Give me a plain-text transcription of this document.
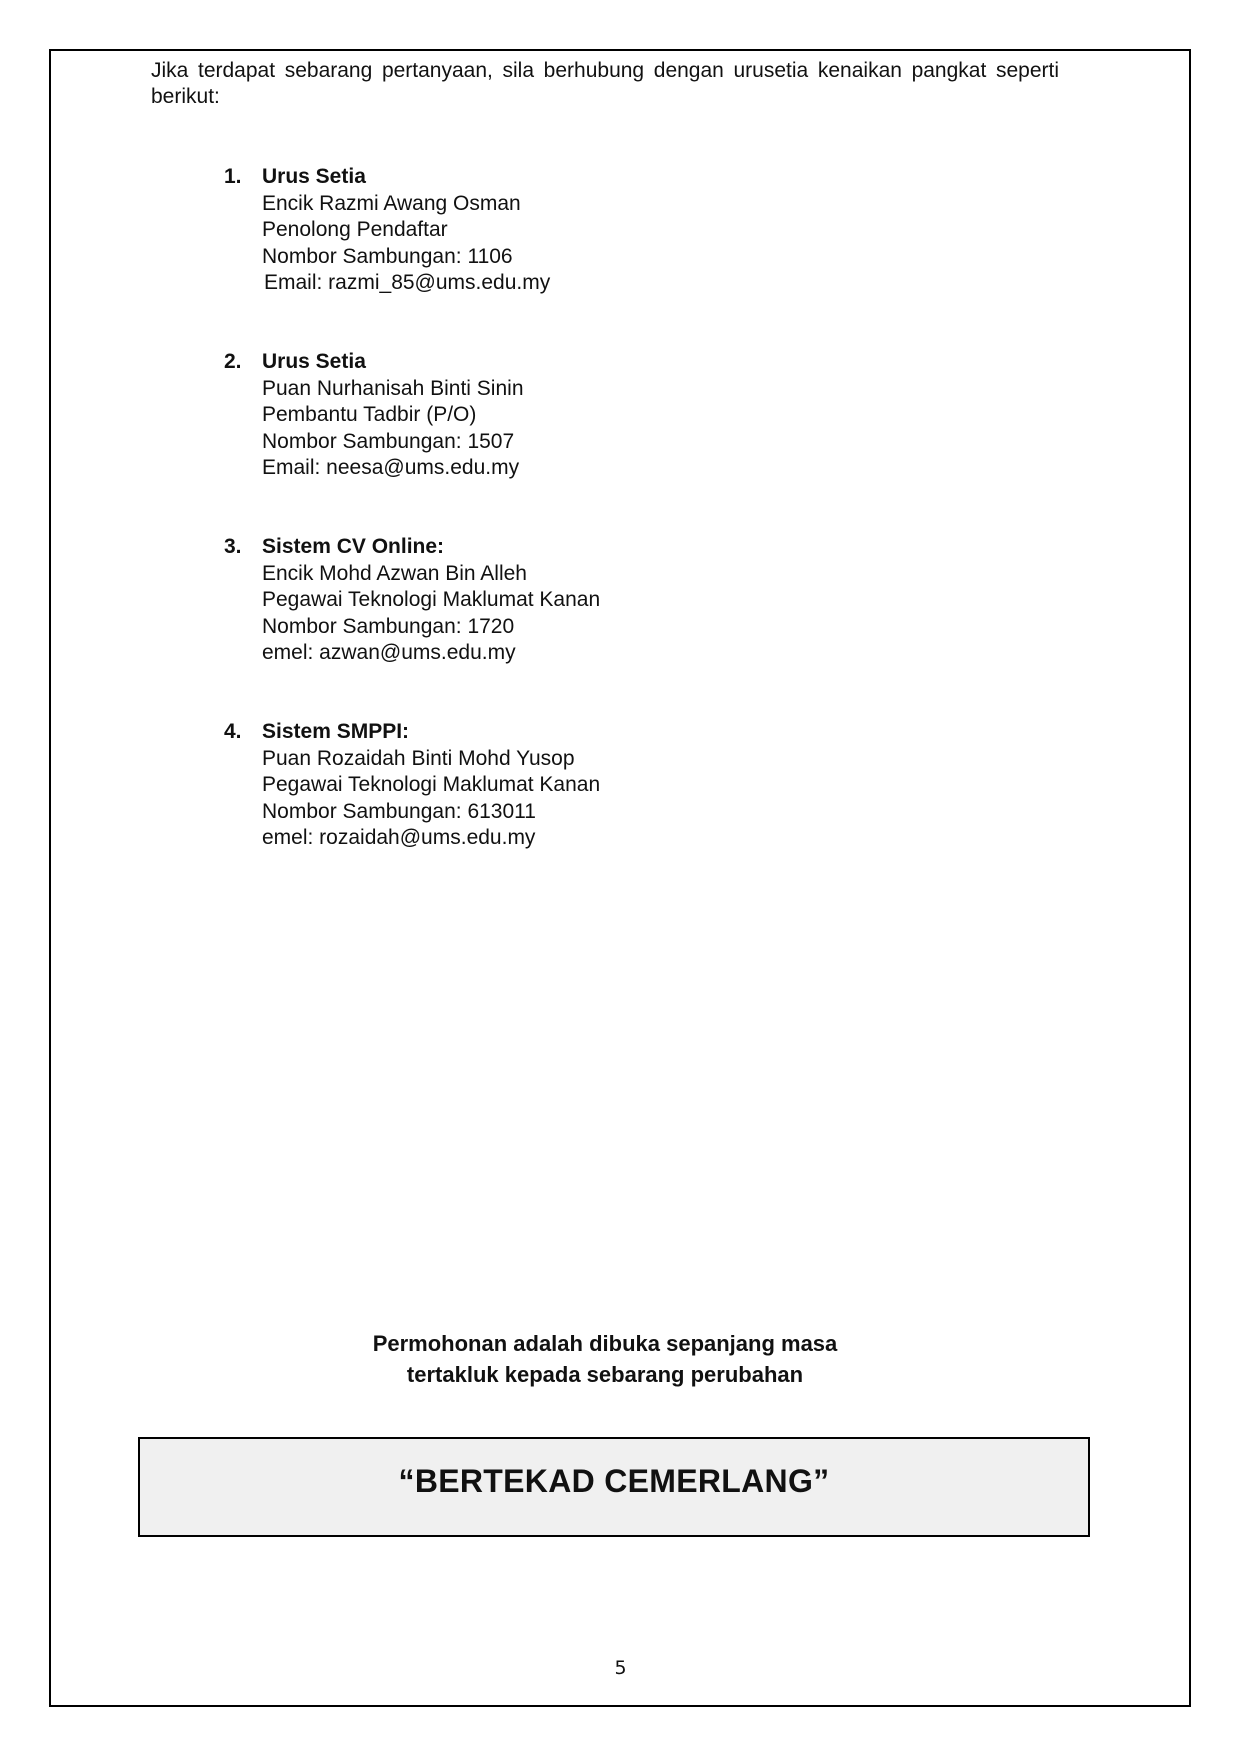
Jika terdapat sebarang pertanyaan, sila berhubung dengan urusetia kenaikan pangkat seperti berikut:

1. Urus Setia
Encik Razmi Awang Osman
Penolong Pendaftar
Nombor Sambungan: 1106
Email: razmi_85@ums.edu.my
2. Urus Setia
Puan Nurhanisah Binti Sinin
Pembantu Tadbir (P/O)
Nombor Sambungan: 1507
Email: neesa@ums.edu.my
3. Sistem CV Online:
Encik Mohd Azwan Bin Alleh
Pegawai Teknologi Maklumat Kanan
Nombor Sambungan: 1720
emel: azwan@ums.edu.my
4. Sistem SMPPI:
Puan Rozaidah Binti Mohd Yusop
Pegawai Teknologi Maklumat Kanan
Nombor Sambungan: 613011
emel: rozaidah@ums.edu.my
Permohonan adalah dibuka sepanjang masa
tertakluk kepada sebarang perubahan
“BERTEKAD CEMERLANG”
5
